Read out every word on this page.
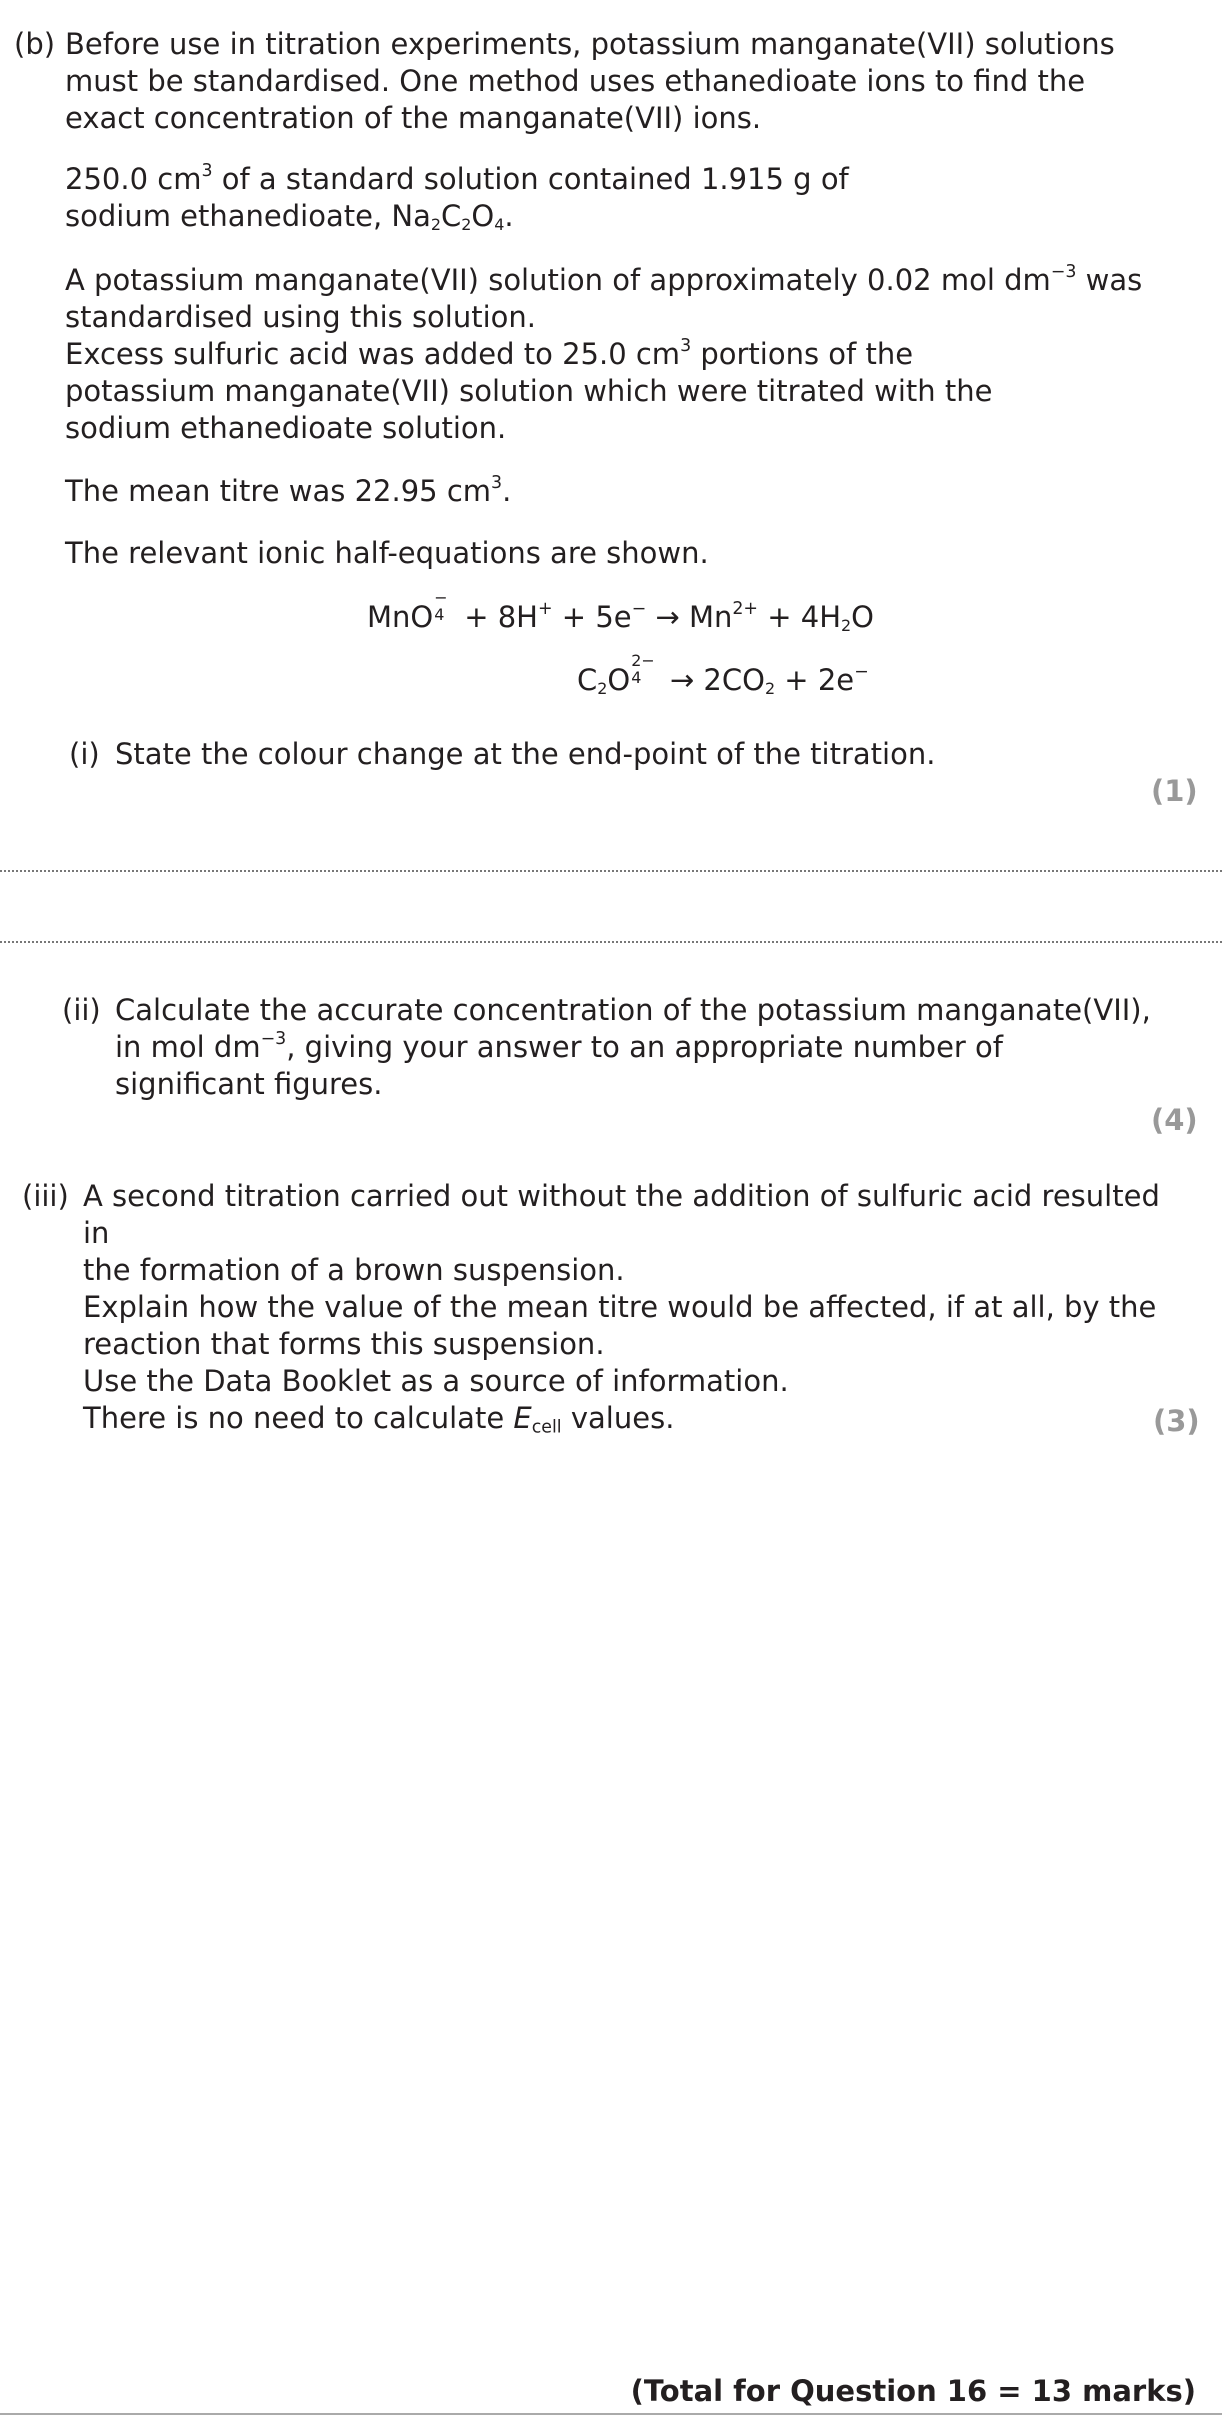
(b) Before use in titration experiments, potassium manganate(VII) solutions must be standardised. One method uses ethanedioate ions to find the exact concentration of the manganate(VII) ions.

250.0 $cm^3$ of a standard solution contained 1.915 g of
sodium ethanedioate, $Na_2C_2O_4$.

A potassium manganate(VII) solution of approximately 0.02 mol $dm^{-3}$ was
standardised using this solution.

Excess sulfuric acid was added to 25.0 $cm^3$ portions of the
potassium manganate(VII) solution which were titrated with the
sodium ethanedioate solution.

The mean titre was 22.95 $cm^3$.

The relevant ionic half-equations are shown.

MnO
−
$4 + 8H^+ + 5e^- \to Mn^{2+} + 4H_2O$

$C_2O$
2−
$4 \to 2CO_2 + 2e^-$

(i) State the colour change at the end-point of the titration.

(1)
(ii) Calculate the accurate concentration of the potassium manganate(VII),
in mol $dm^{-3}$, giving your answer to an appropriate number of
significant figures.

(4)
(iii) A second titration carried out without the addition of sulfuric acid resulted in
the formation of a brown suspension.
Explain how the value of the mean titre would be affected, if at all, by the
reaction that forms this suspension.
Use the Data Booklet as a source of information.
There is no need to calculate $E_{cell}$ values.	(3)
(Total for Question 16 = 13 marks)
